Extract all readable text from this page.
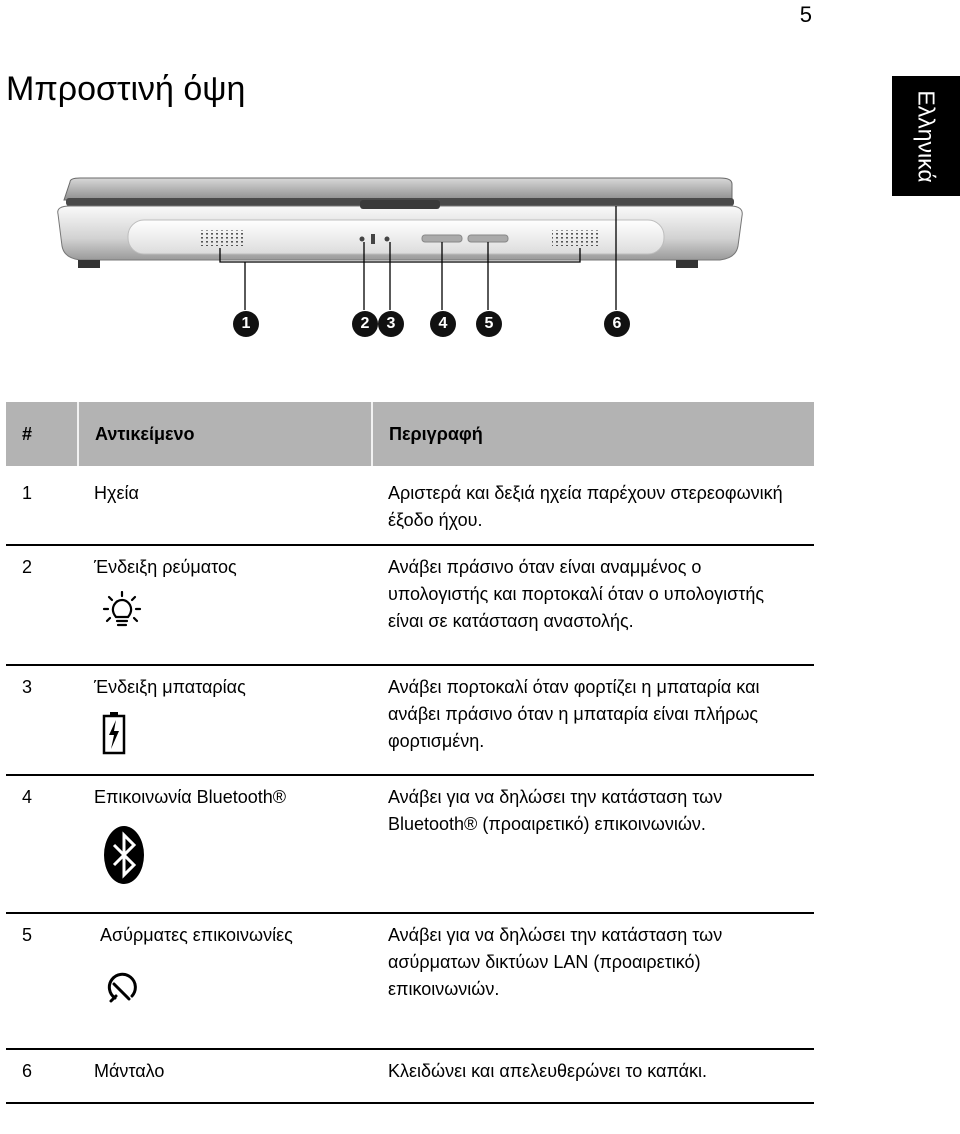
5
Ελληνικά
Μπροστινή όψη
1	2	3	4	5	6
#	Αντικείμενο	Περιγραφή
1	Ηχεία	Αριστερά και δεξιά ηχεία παρέχουν στερεοφωνική έξοδο ήχου.
2	Ένδειξη ρεύματος	Ανάβει πράσινο όταν είναι αναμμένος ο υπολογιστής και πορτοκαλί όταν ο υπολογιστής είναι σε κατάσταση αναστολής.
3	Ένδειξη μπαταρίας	Ανάβει πορτοκαλί όταν φορτίζει η μπαταρία και ανάβει πράσινο όταν η μπαταρία είναι πλήρως φορτισμένη.
4	Επικοινωνία Bluetooth®	Ανάβει για να δηλώσει την κατάσταση των Bluetooth® (προαιρετικό) επικοινωνιών.
5	Ασύρματες επικοινωνίες	Ανάβει για να δηλώσει την κατάσταση των ασύρματων δικτύων LAN (προαιρετικό) επικοινωνιών.
6	Μάνταλο	Κλειδώνει και απελευθερώνει το καπάκι.
